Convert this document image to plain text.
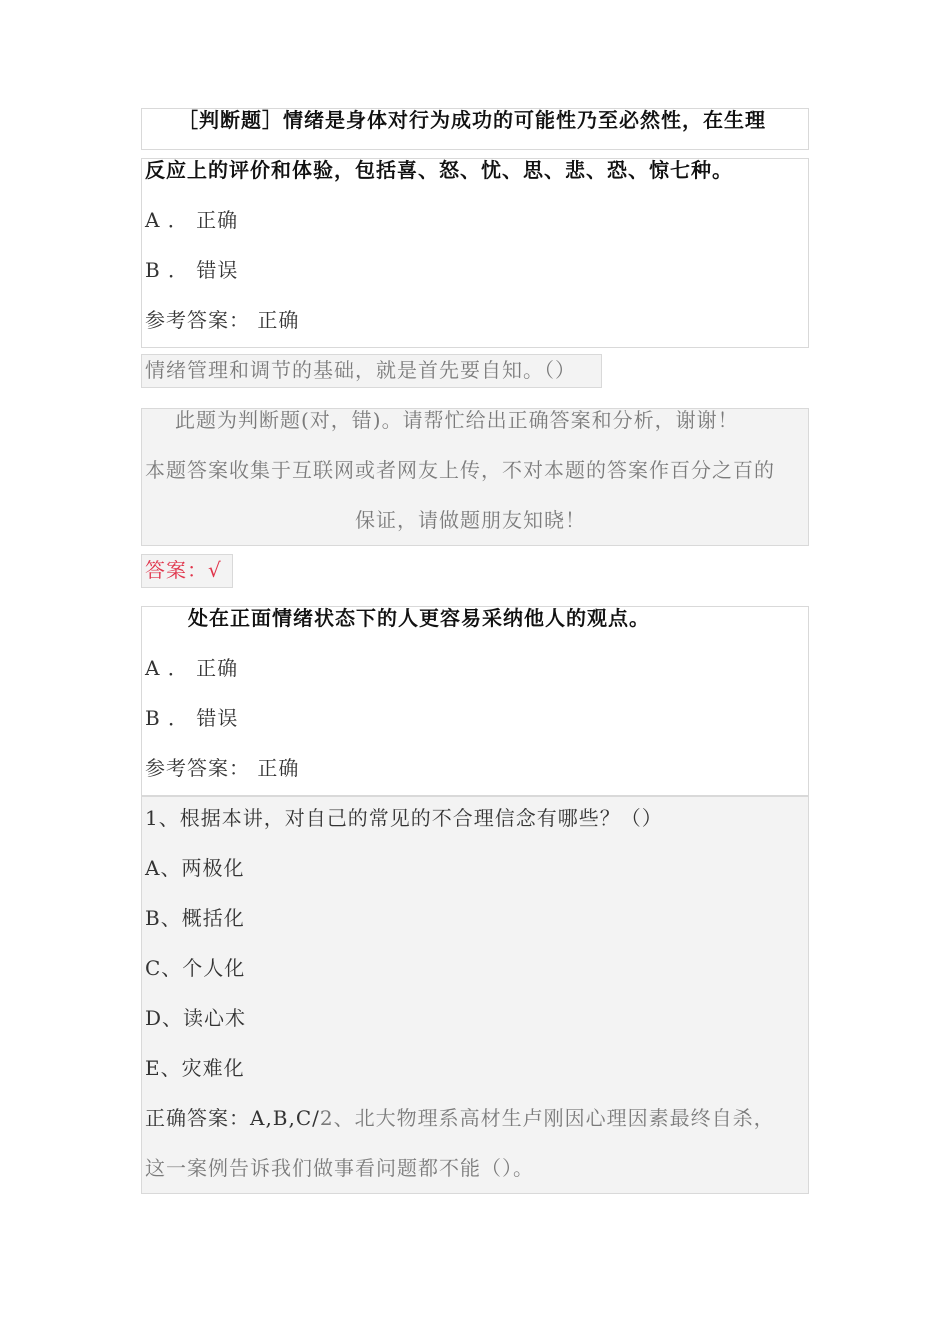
［判断题］情绪是身体对行为成功的可能性乃至必然性，在生理
反应上的评价和体验，包括喜、怒、忧、思、悲、恐、惊七种。
A ． 正确
B ． 错误
参考答案： 正确
情绪管理和调节的基础，就是首先要自知。（）
此题为判断题(对，错)。请帮忙给出正确答案和分析，谢谢！
本题答案收集于互联网或者网友上传，不对本题的答案作百分之百的
保证，请做题朋友知晓！
答案：√
处在正面情绪状态下的人更容易采纳他人的观点。
A ． 正确
B ． 错误
参考答案： 正确
1、根据本讲，对自己的常见的不合理信念有哪些？（）
A、两极化
B、概括化
C、个人化
D、读心术
E、灾难化
正确答案：A,B,C/2、北大物理系高材生卢刚因心理因素最终自杀，
这一案例告诉我们做事看问题都不能（）。
